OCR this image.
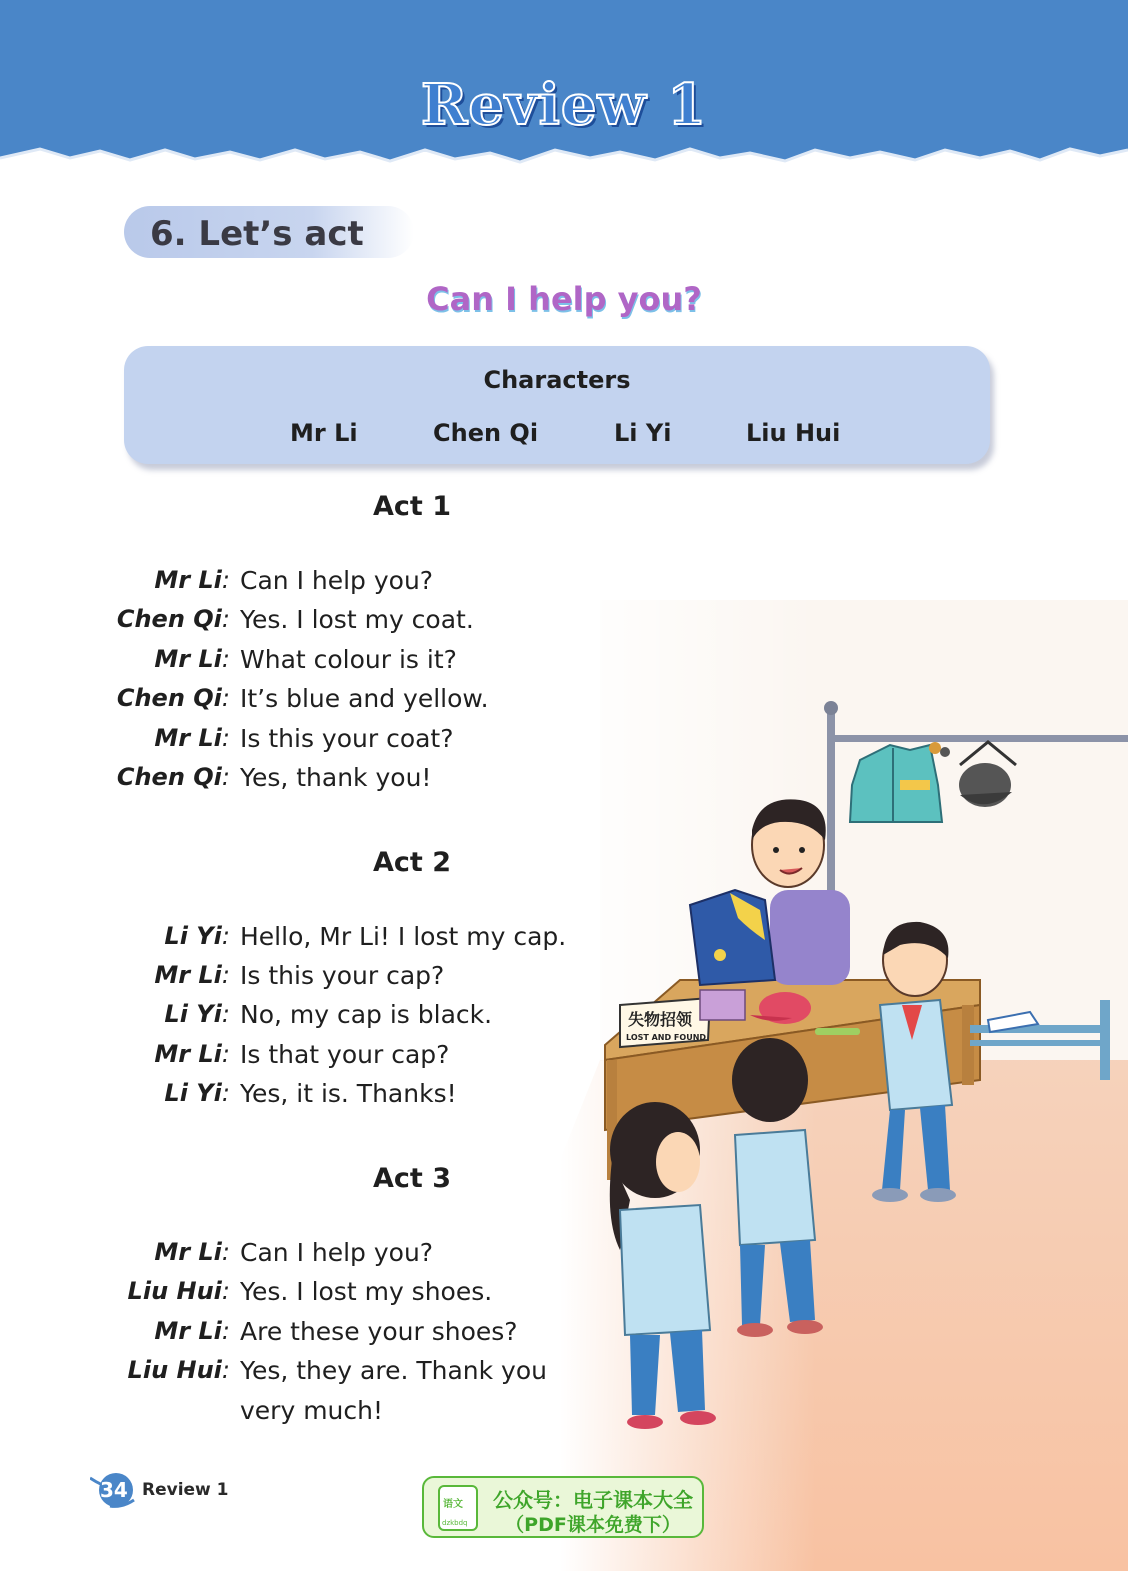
Review 1
6. Let’s act
Can I help you?
Characters
Mr Li	Chen Qi	Li Yi	Liu Hui
失物招领
LOST AND FOUND
Act 1
Mr Li: Can I help you?
Chen Qi: Yes. I lost my coat.
Mr Li: What colour is it?
Chen Qi: It’s blue and yellow.
Mr Li: Is this your coat?
Chen Qi: Yes, thank you!
Act 2
Li Yi: Hello, Mr Li! I lost my cap.
Mr Li: Is this your cap?
Li Yi: No, my cap is black.
Mr Li: Is that your cap?
Li Yi: Yes, it is. Thanks!
Act 3
Mr Li: Can I help you?
Liu Hui: Yes. I lost my shoes.
Mr Li: Are these your shoes?
Liu Hui: Yes, they are. Thank you
very much!
34 Review 1
语文
dzkbdq
公众号：电子课本大全
（PDF课本免费下）
